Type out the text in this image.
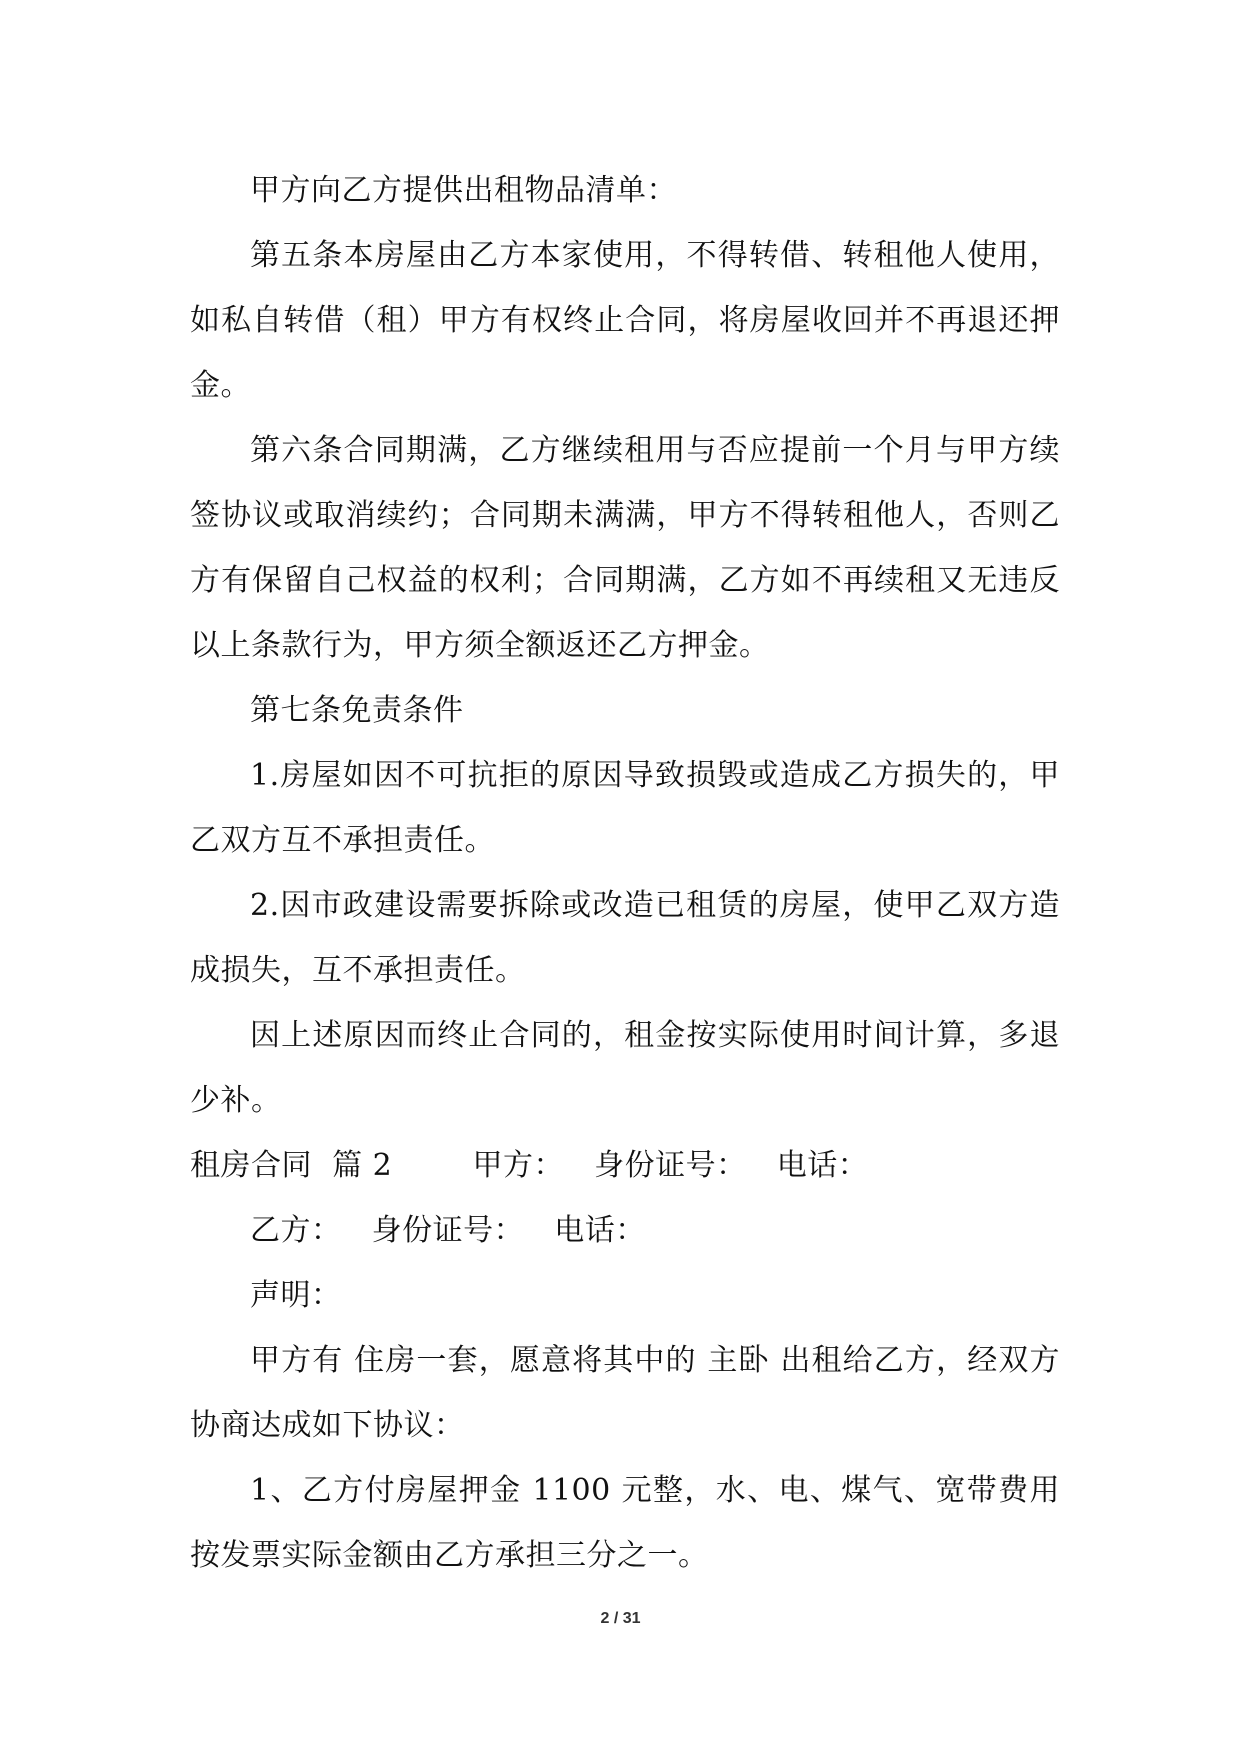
甲方向乙方提供出租物品清单：

第五条本房屋由乙方本家使用，不得转借、转租他人使用，如私自转借（租）甲方有权终止合同，将房屋收回并不再退还押金。

第六条合同期满，乙方继续租用与否应提前一个月与甲方续签协议或取消续约；合同期未满满，甲方不得转租他人，否则乙方有保留自己权益的权利；合同期满，乙方如不再续租又无违反以上条款行为，甲方须全额返还乙方押金。

第七条免责条件

1.房屋如因不可抗拒的原因导致损毁或造成乙方损失的，甲乙双方互不承担责任。

2.因市政建设需要拆除或改造已租赁的房屋，使甲乙双方造成损失，互不承担责任。

因上述原因而终止合同的，租金按实际使用时间计算，多退少补。

租房合同  篇 2        甲方：   身份证号：   电话：

乙方：   身份证号：   电话：

声明：

甲方有 住房一套，愿意将其中的 主卧 出租给乙方，经双方协商达成如下协议：

1、乙方付房屋押金 1100 元整，水、电、煤气、宽带费用按发票实际金额由乙方承担三分之一。

2 / 31
